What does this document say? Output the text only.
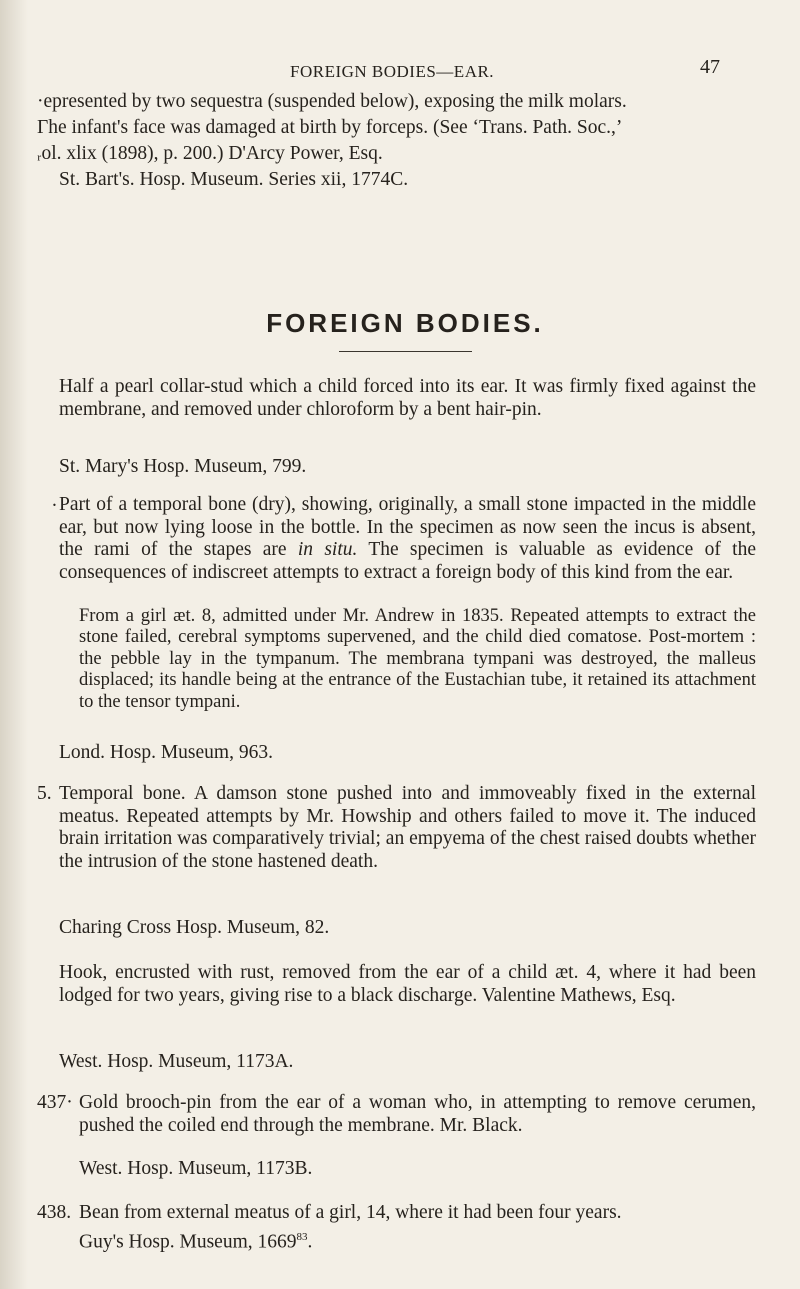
FOREIGN BODIES—EAR.	47
·epresented by two sequestra (suspended below), exposing the milk molars.
Гhe infant's face was damaged at birth by forceps. (See ‘Trans. Path. Soc.,’
ᵣol. xlix (1898), p. 200.) D'Arcy Power, Esq.
St. Bart's. Hosp. Museum. Series xii, 1774C.
FOREIGN BODIES.
Half a pearl collar-stud which a child forced into its ear. It was firmly fixed against the membrane, and removed under chloroform by a bent hair-pin.
St. Mary's Hosp. Museum, 799.
. Part of a temporal bone (dry), showing, originally, a small stone impacted in the middle ear, but now lying loose in the bottle. In the specimen as now seen the incus is absent, the rami of the stapes are in situ. The specimen is valuable as evidence of the consequences of indiscreet attempts to extract a foreign body of this kind from the ear.
From a girl æt. 8, admitted under Mr. Andrew in 1835. Repeated attempts to extract the stone failed, cerebral symptoms supervened, and the child died comatose. Post-mortem : the pebble lay in the tympanum. The membrana tympani was destroyed, the malleus displaced; its handle being at the entrance of the Eustachian tube, it retained its attachment to the tensor tympani.
Lond. Hosp. Museum, 963.
5. Temporal bone. A damson stone pushed into and immoveably fixed in the external meatus. Repeated attempts by Mr. Howship and others failed to move it. The induced brain irritation was comparatively trivial; an empyema of the chest raised doubts whether the intrusion of the stone hastened death.
Charing Cross Hosp. Museum, 82.
Hook, encrusted with rust, removed from the ear of a child æt. 4, where it had been lodged for two years, giving rise to a black discharge. Valentine Mathews, Esq.
West. Hosp. Museum, 1173A.
437· Gold brooch-pin from the ear of a woman who, in attempting to remove cerumen, pushed the coiled end through the membrane. Mr. Black.
West. Hosp. Museum, 1173B.
438. Bean from external meatus of a girl, 14, where it had been four years.
Guy's Hosp. Museum, 1669$^{83}$.
